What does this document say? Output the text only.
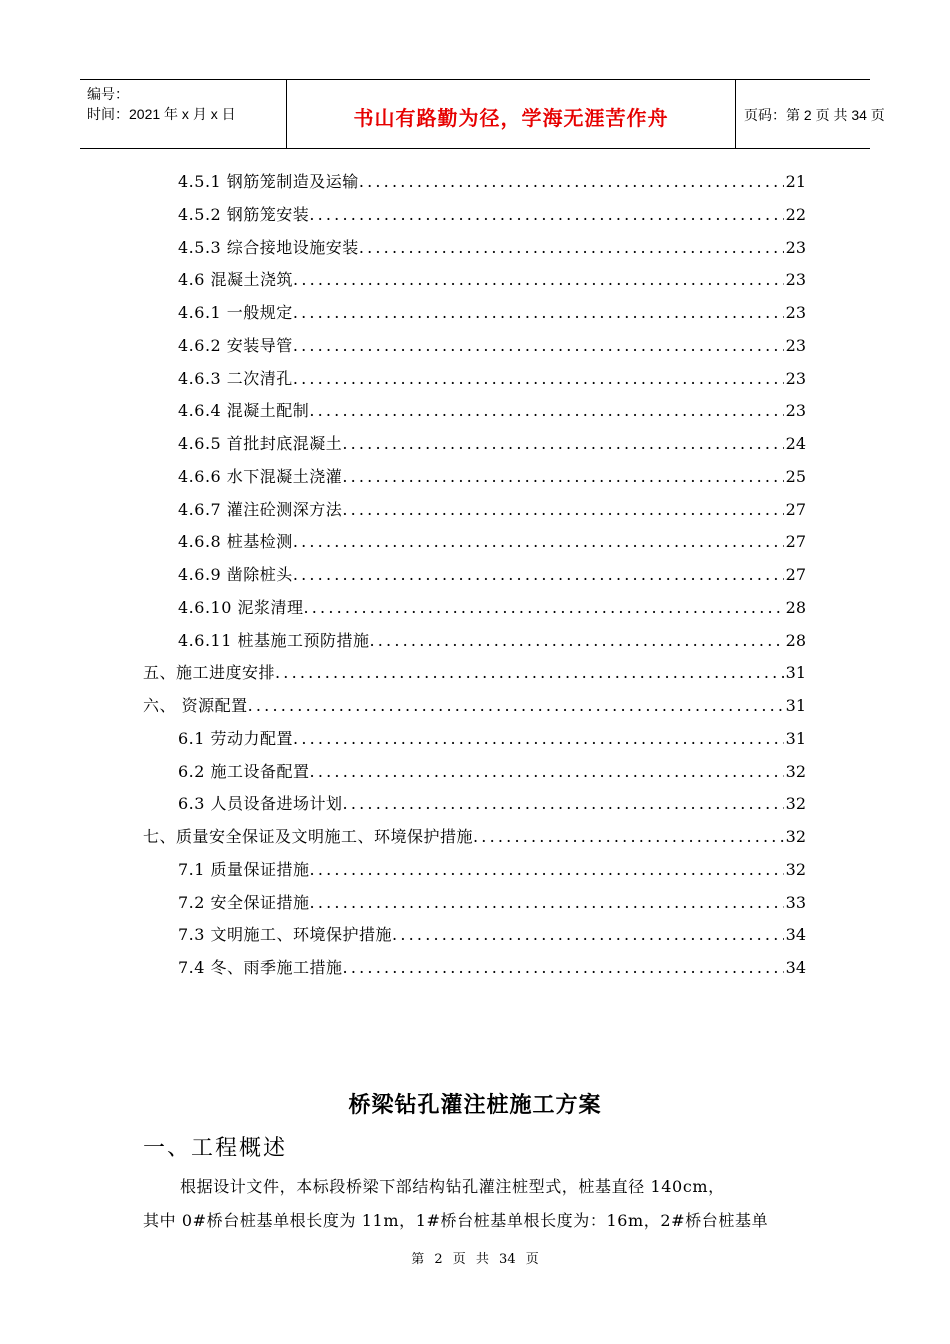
编号：
时间：2021 年 x 月 x 日	书山有路勤为径，学海无涯苦作舟	页码：第 2 页 共 34 页
4.5.1 钢筋笼制造及运输 .....	21
4.5.2 钢筋笼安装 .....	22
4.5.3 综合接地设施安装 .....	23
4.6 混凝土浇筑 .....	23
4.6.1 一般规定 .....	23
4.6.2 安装导管 .....	23
4.6.3 二次清孔 .....	23
4.6.4 混凝土配制 .....	23
4.6.5 首批封底混凝土 .....	24
4.6.6 水下混凝土浇灌 .....	25
4.6.7 灌注砼测深方法 .....	27
4.6.8 桩基检测 .....	27
4.6.9 凿除桩头 .....	27
4.6.10 泥浆清理 .....	28
4.6.11 桩基施工预防措施 .....	28
五、施工进度安排 .....	31
六、 资源配置 .....	31
6.1 劳动力配置 .....	31
6.2 施工设备配置 .....	32
6.3 人员设备进场计划 .....	32
七、质量安全保证及文明施工、环境保护措施 .....	32
7.1 质量保证措施 .....	32
7.2 安全保证措施 .....	33
7.3 文明施工、环境保护措施 .....	34
7.4 冬、雨季施工措施 .....	34
桥梁钻孔灌注桩施工方案
一、工程概述
根据设计文件，本标段桥梁下部结构钻孔灌注桩型式，桩基直径 140cm，
其中 0#桥台桩基单根长度为 11m，1#桥台桩基单根长度为：16m，2#桥台桩基单
第 2 页 共 34 页
